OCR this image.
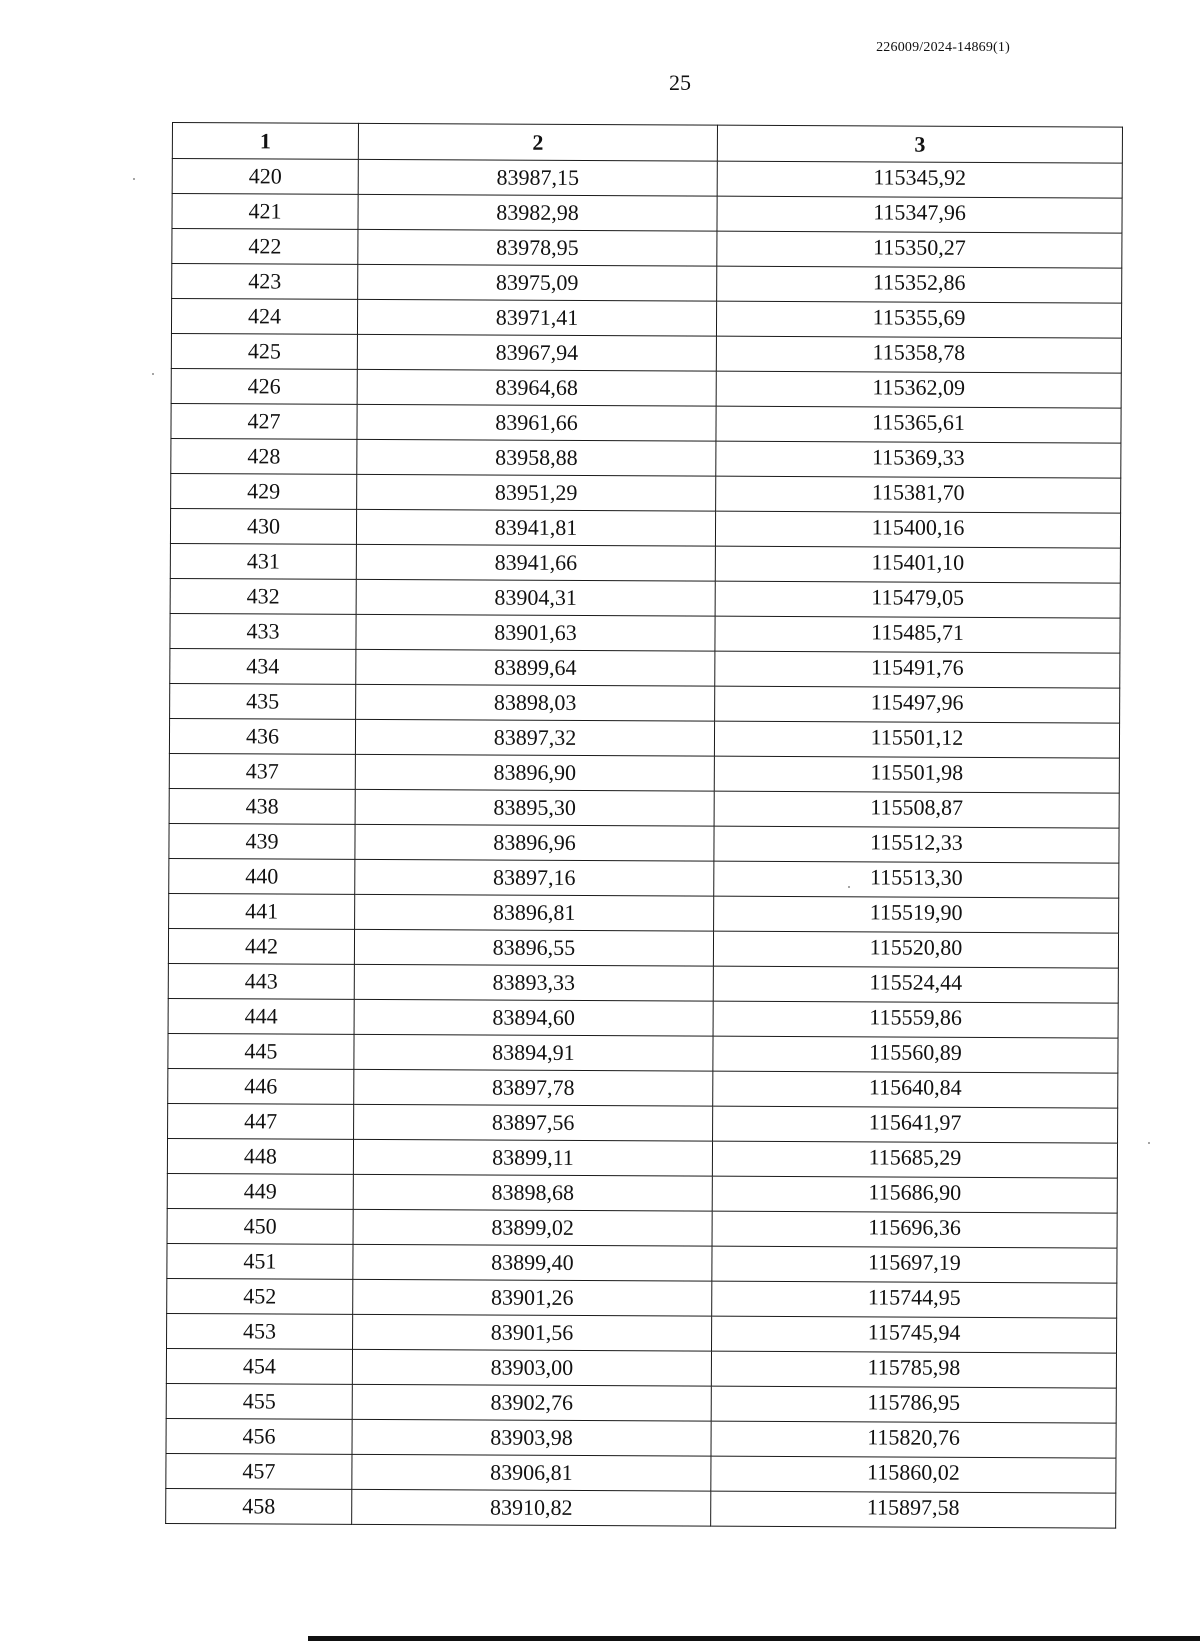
226009/2024-14869(1)
25
1	2	3
420	83987,15	115345,92
421	83982,98	115347,96
422	83978,95	115350,27
423	83975,09	115352,86
424	83971,41	115355,69
425	83967,94	115358,78
426	83964,68	115362,09
427	83961,66	115365,61
428	83958,88	115369,33
429	83951,29	115381,70
430	83941,81	115400,16
431	83941,66	115401,10
432	83904,31	115479,05
433	83901,63	115485,71
434	83899,64	115491,76
435	83898,03	115497,96
436	83897,32	115501,12
437	83896,90	115501,98
438	83895,30	115508,87
439	83896,96	115512,33
440	83897,16	115513,30
441	83896,81	115519,90
442	83896,55	115520,80
443	83893,33	115524,44
444	83894,60	115559,86
445	83894,91	115560,89
446	83897,78	115640,84
447	83897,56	115641,97
448	83899,11	115685,29
449	83898,68	115686,90
450	83899,02	115696,36
451	83899,40	115697,19
452	83901,26	115744,95
453	83901,56	115745,94
454	83903,00	115785,98
455	83902,76	115786,95
456	83903,98	115820,76
457	83906,81	115860,02
458	83910,82	115897,58
